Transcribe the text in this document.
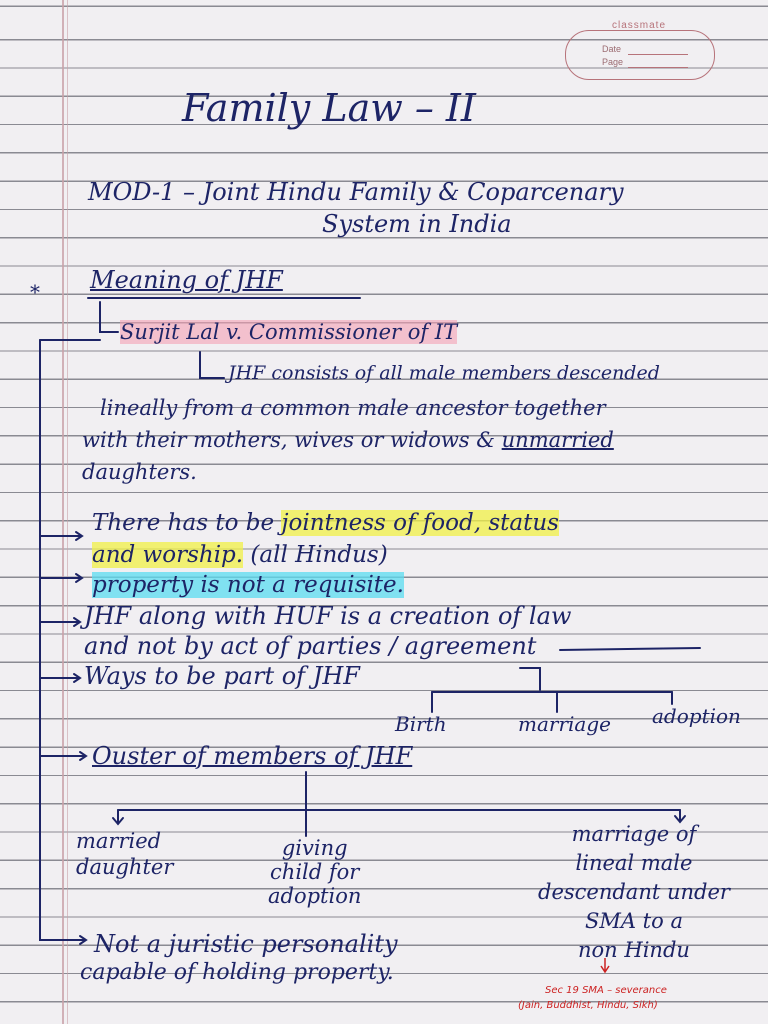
classmate
Date
Page
Family Law – II
MOD-1 – Joint Hindu Family & Coparcenary
System in India
* Meaning of JHF
Surjit Lal v. Commissioner of IT
JHF consists of all male members descended
lineally from a common male ancestor together
with their mothers, wives or widows & unmarried
daughters.
There has to be jointness of food, status
and worship. (all Hindus)
property is not a requisite.
JHF along with HUF is a creation of law
and not by act of parties / agreement
Ways to be part of JHF
Birth	marriage adoption
Ouster of members of JHF
married
daughter
giving
child for
adoption
marriage of
lineal male
descendant under
SMA to a
non Hindu
Not a juristic personality
capable of holding property.
Sec 19 SMA – severance
(Jain, Buddhist, Hindu, Sikh)
